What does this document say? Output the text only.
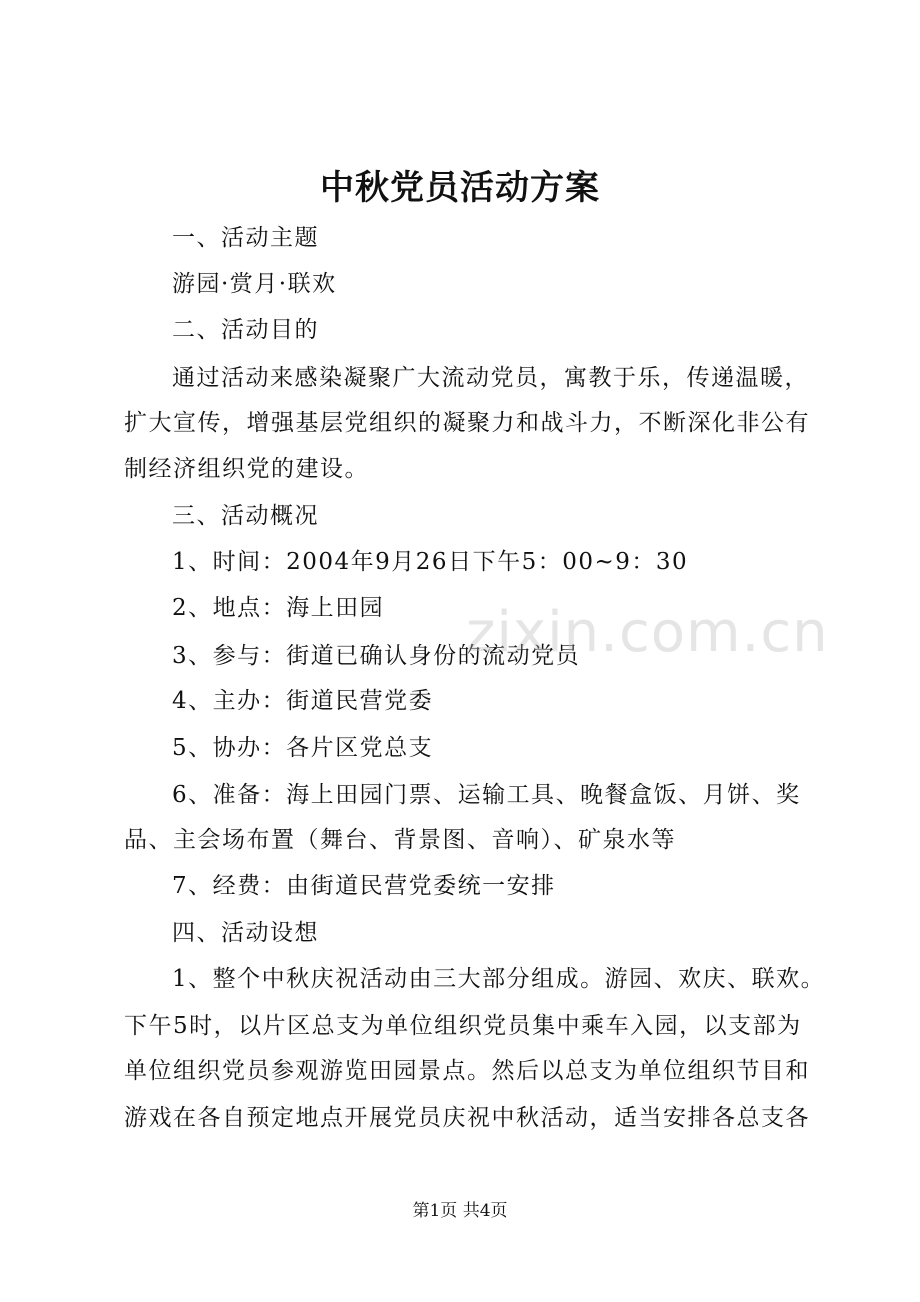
中秋党员活动方案
一、活动主题
游园·赏月·联欢
二、活动目的
通过活动来感染凝聚广大流动党员，寓教于乐，传递温暖，
扩大宣传，增强基层党组织的凝聚力和战斗力，不断深化非公有
制经济组织党的建设。
三、活动概况
1、时间：2004年9月26日下午5：00~9：30
2、地点：海上田园
3、参与：街道已确认身份的流动党员
4、主办：街道民营党委
5、协办：各片区党总支
6、准备：海上田园门票、运输工具、晚餐盒饭、月饼、奖
品、主会场布置（舞台、背景图、音响）、矿泉水等
7、经费：由街道民营党委统一安排
四、活动设想
1、整个中秋庆祝活动由三大部分组成。游园、欢庆、联欢。
下午5时，以片区总支为单位组织党员集中乘车入园，以支部为
单位组织党员参观游览田园景点。然后以总支为单位组织节目和
游戏在各自预定地点开展党员庆祝中秋活动，适当安排各总支各
zixin.com.cn
第1页 共4页
